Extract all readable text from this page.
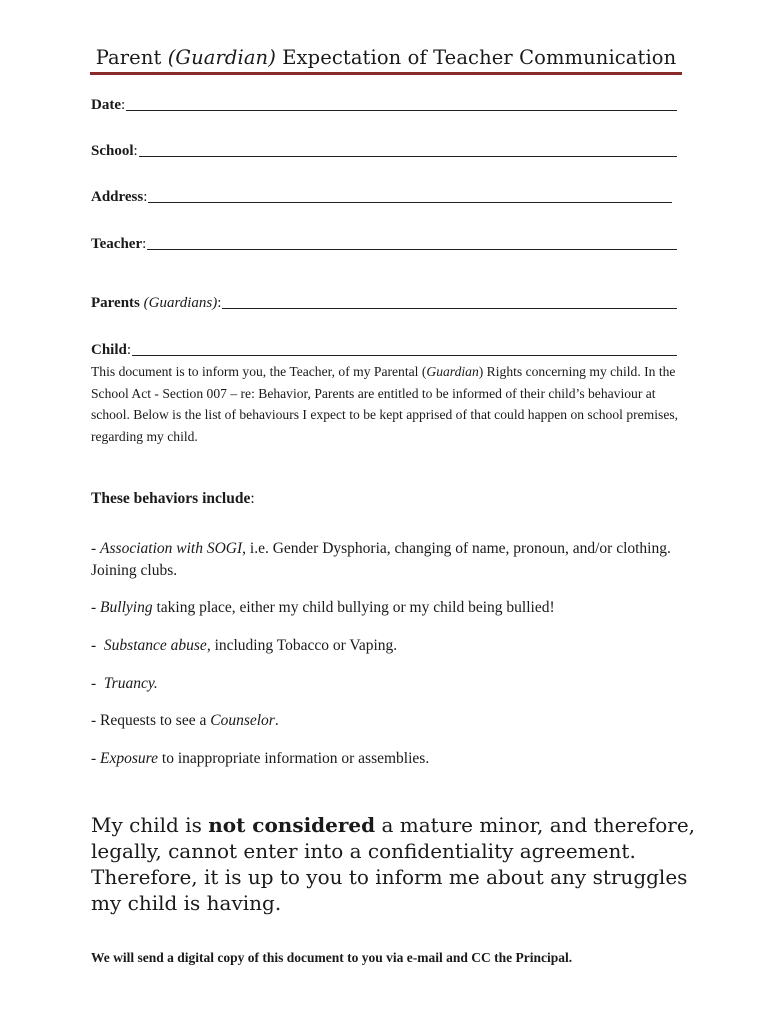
Parent (Guardian) Expectation of Teacher Communication
Date :
School :
Address :
Teacher :
Parents
(Guardians) :
Child :
This document is to inform you, the Teacher, of my Parental (Guardian) Rights concerning my child. In the School Act - Section 007 – re: Behavior, Parents are entitled to be informed of their child’s behaviour at school. Below is the list of behaviours I expect to be kept apprised of that could happen on school premises, regarding my child.
These behaviors include:
- Association with SOGI, i.e. Gender Dysphoria, changing of name, pronoun, and/or clothing. Joining clubs.
- Bullying taking place, either my child bullying or my child being bullied!
-  Substance abuse, including Tobacco or Vaping.
-  Truancy.
- Requests to see a Counselor.
- Exposure to inappropriate information or assemblies.
My child is not considered a mature minor, and therefore, legally, cannot enter into a confidentiality agreement. Therefore, it is up to you to inform me about any struggles my child is having.
We will send a digital copy of this document to you via e-mail and CC the Principal.
